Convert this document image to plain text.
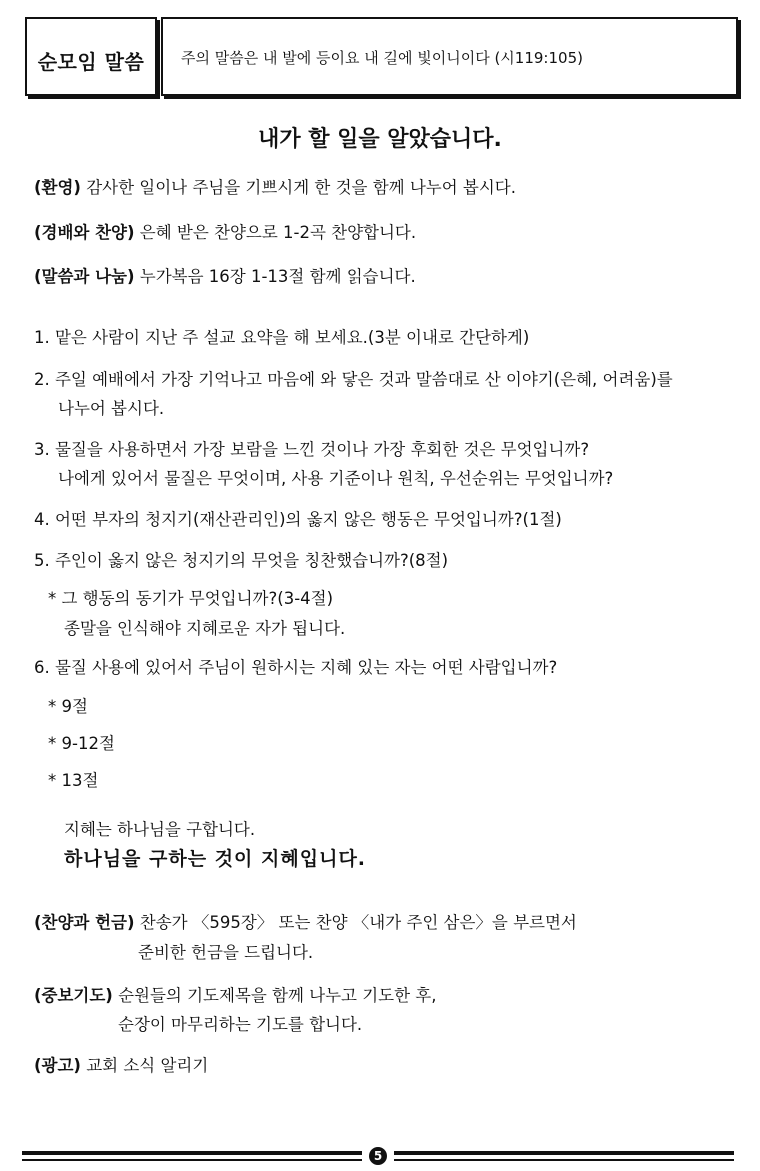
순모임 말씀	주의 말씀은 내 발에 등이요 내 길에 빛이니이다 (시119:105)
내가 할 일을 알았습니다.
(환영) 감사한 일이나 주님을 기쁘시게 한 것을 함께 나누어 봅시다.
(경배와 찬양) 은혜 받은 찬양으로 1-2곡 찬양합니다.
(말씀과 나눔) 누가복음 16장 1-13절 함께 읽습니다.
1. 맡은 사람이 지난 주 설교 요약을 해 보세요.(3분 이내로 간단하게)
2. 주일 예배에서 가장 기억나고 마음에 와 닿은 것과 말씀대로 산 이야기(은혜, 어려움)를
나누어 봅시다.
3. 물질을 사용하면서 가장 보람을 느낀 것이나 가장 후회한 것은 무엇입니까?
나에게 있어서 물질은 무엇이며, 사용 기준이나 원칙, 우선순위는 무엇입니까?
4. 어떤 부자의 청지기(재산관리인)의 옳지 않은 행동은 무엇입니까?(1절)
5. 주인이 옳지 않은 청지기의 무엇을 칭찬했습니까?(8절)
* 그 행동의 동기가 무엇입니까?(3-4절)
종말을 인식해야 지혜로운 자가 됩니다.
6. 물질 사용에 있어서 주님이 원하시는 지혜 있는 자는 어떤 사람입니까?
* 9절
* 9-12절
* 13절
지혜는 하나님을 구합니다.
하나님을 구하는 것이 지혜입니다.
(찬양과 헌금) 찬송가 〈595장〉 또는 찬양 〈내가 주인 삼은〉을 부르면서
준비한 헌금을 드립니다.
(중보기도) 순원들의 기도제목을 함께 나누고 기도한 후,
순장이 마무리하는 기도를 합니다.
(광고) 교회 소식 알리기
5
